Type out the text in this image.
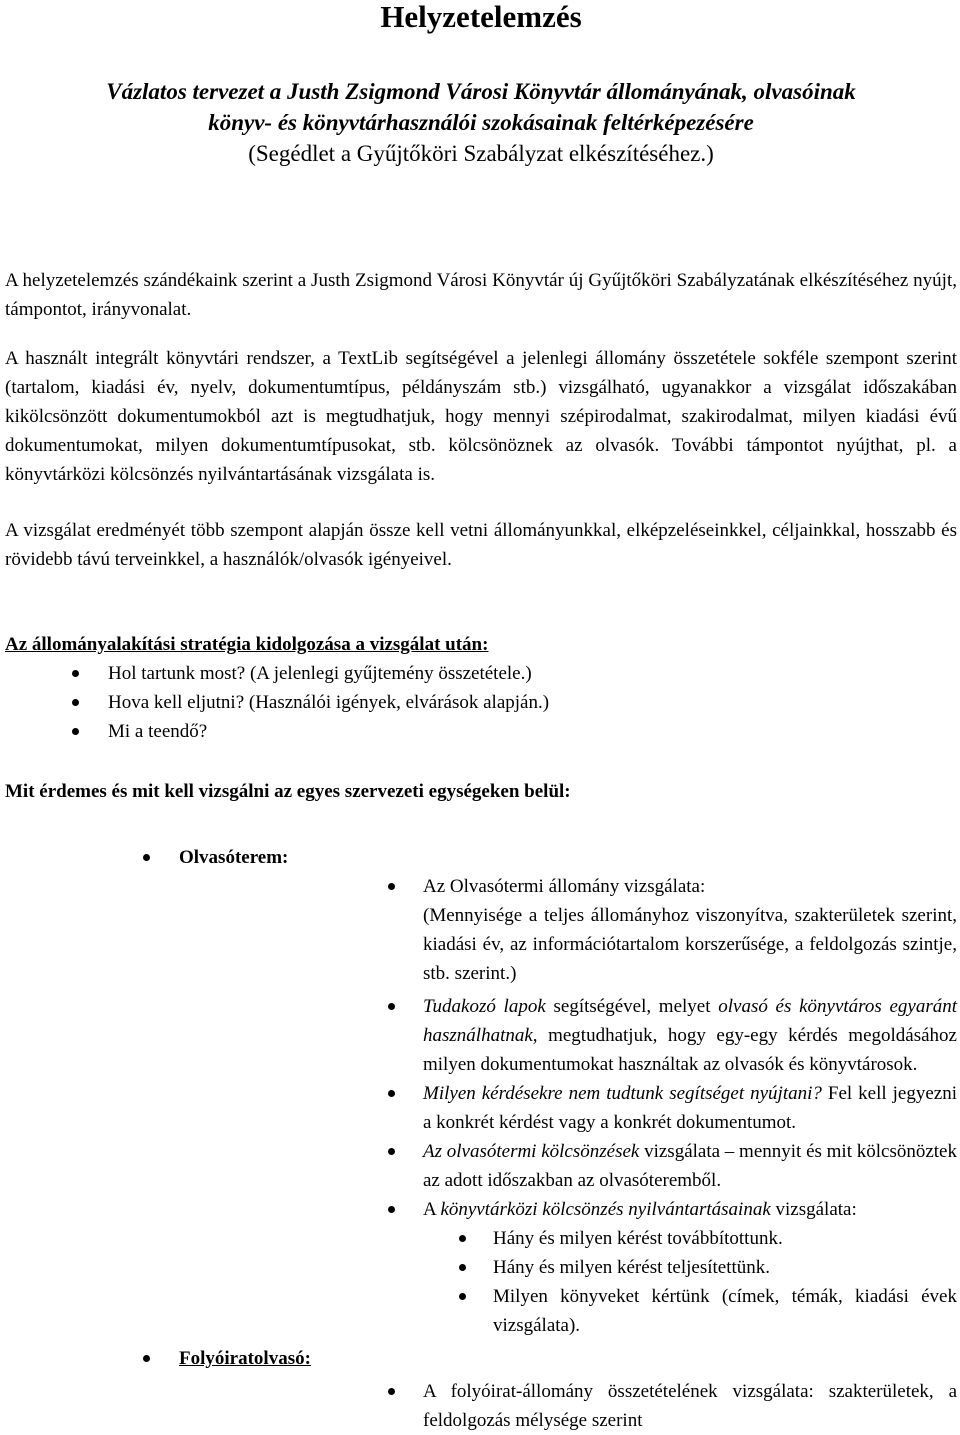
Helyzetelemzés
Vázlatos tervezet a Justh Zsigmond Városi Könyvtár állományának, olvasóinak
könyv- és könyvtárhasználói szokásainak feltérképezésére
(Segédlet a Gyűjtőköri Szabályzat elkészítéséhez.)

A helyzetelemzés szándékaink szerint a Justh Zsigmond Városi Könyvtár új Gyűjtőköri Szabályzatának elkészítéséhez nyújt, támpontot, irányvonalat.

A használt integrált könyvtári rendszer, a TextLib segítségével a jelenlegi állomány összetétele sokféle szempont szerint (tartalom, kiadási év, nyelv, dokumentumtípus, példányszám stb.) vizsgálható, ugyanakkor a vizsgálat időszakában kikölcsönzött dokumentumokból azt is megtudhatjuk, hogy mennyi szépirodalmat, szakirodalmat, milyen kiadási évű dokumentumokat, milyen dokumentumtípusokat, stb. kölcsönöznek az olvasók. További támpontot nyújthat, pl. a könyvtárközi kölcsönzés nyilvántartásának vizsgálata is.

A vizsgálat eredményét több szempont alapján össze kell vetni állományunkkal, elképzeléseinkkel, céljainkkal, hosszabb és rövidebb távú terveinkkel, a használók/olvasók igényeivel.

Az állományalakítási stratégia kidolgozása a vizsgálat után:
Hol tartunk most? (A jelenlegi gyűjtemény összetétele.)
Hova kell eljutni? (Használói igények, elvárások alapján.)
Mi a teendő?
Mit érdemes és mit kell vizsgálni az egyes szervezeti egységeken belül:
Olvasóterem:
Az Olvasótermi állomány vizsgálata:
(Mennyisége a teljes állományhoz viszonyítva, szakterületek szerint, kiadási év, az információtartalom korszerűsége, a feldolgozás szintje, stb. szerint.)
Tudakozó lapok segítségével, melyet olvasó és könyvtáros egyaránt használhatnak, megtudhatjuk, hogy egy-egy kérdés megoldásához milyen dokumentumokat használtak az olvasók és könyvtárosok.
Milyen kérdésekre nem tudtunk segítséget nyújtani? Fel kell jegyezni a konkrét kérdést vagy a konkrét dokumentumot.
Az olvasótermi kölcsönzések vizsgálata – mennyit és mit kölcsönöztek az adott időszakban az olvasóteremből.
A könyvtárközi kölcsönzés nyilvántartásainak vizsgálata:
Hány és milyen kérést továbbítottunk.
Hány és milyen kérést teljesítettünk.
Milyen könyveket kértünk (címek, témák, kiadási évek vizsgálata).
Folyóiratolvasó:
A folyóirat-állomány összetételének vizsgálata: szakterületek, a feldolgozás mélysége szerint
